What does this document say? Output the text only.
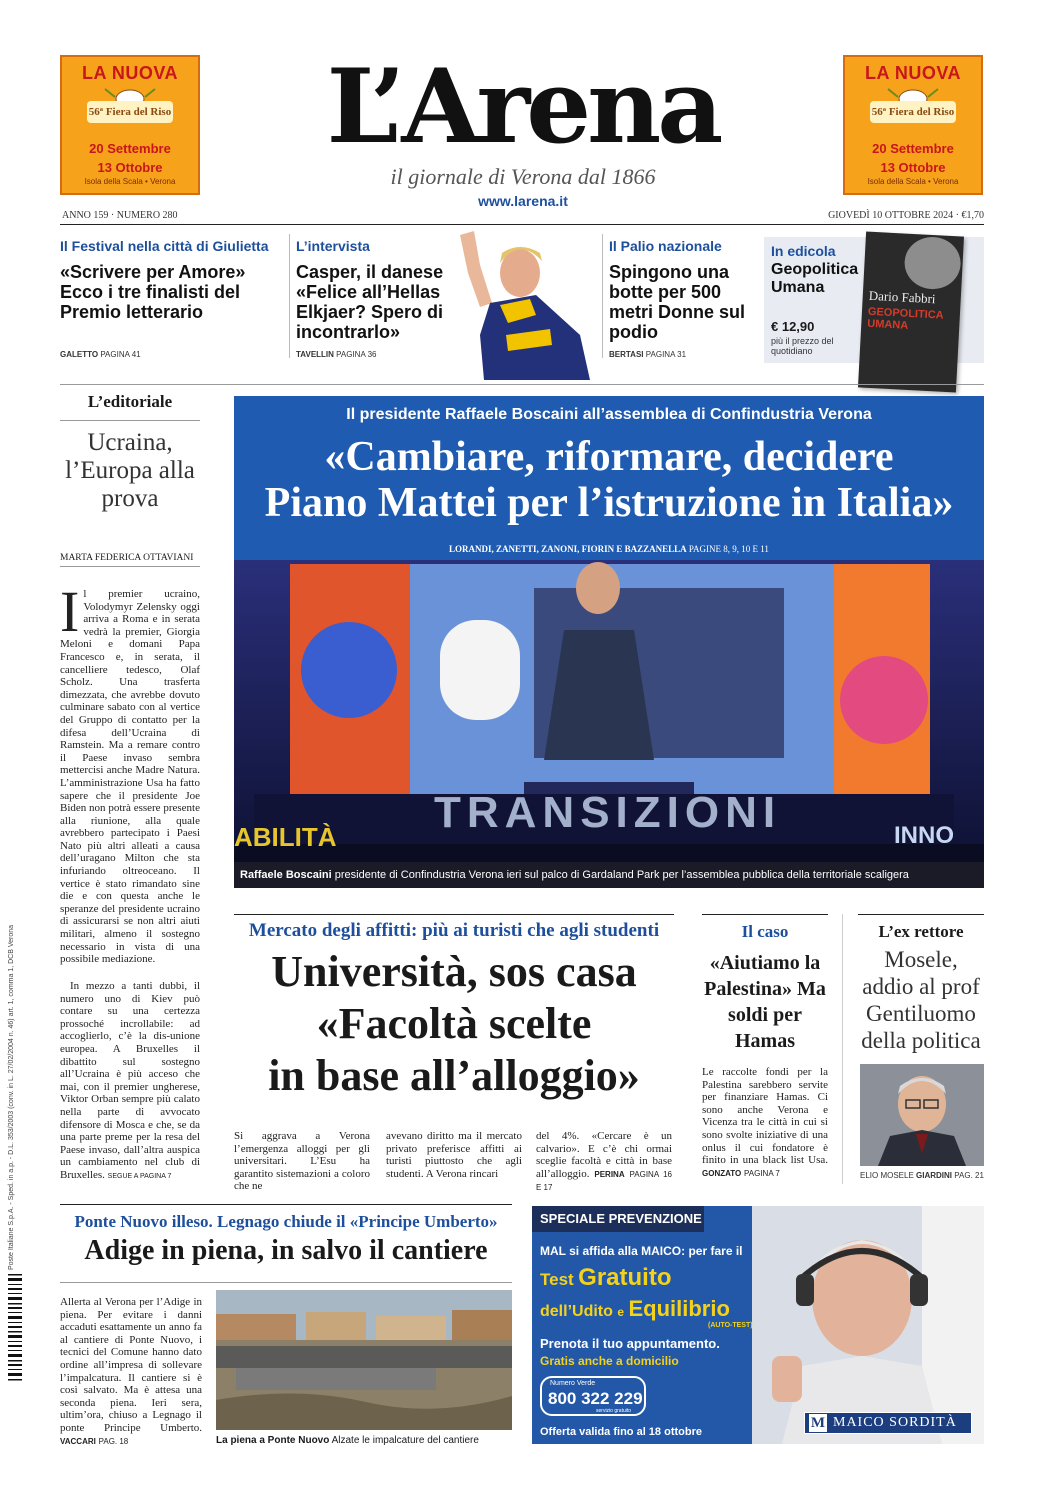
LA NUOVA
56ª Fiera del Riso
20 Settembre
13 Ottobre
Isola della Scala • Verona
LA NUOVA
56ª Fiera del Riso
20 Settembre
13 Ottobre
Isola della Scala • Verona
L’Arena
il giornale di Verona dal 1866
www.larena.it
ANNO 159 · NUMERO 280	GIOVEDÌ 10 OTTOBRE 2024 · €1,70
Il Festival nella città di Giulietta
«Scrivere per Amore» Ecco i tre finalisti del Premio letterario
GALETTO PAGINA 41
L’intervista
Casper, il danese «Felice all’Hellas Elkjaer? Spero di incontrarlo»
TAVELLIN PAGINA 36
Il Palio nazionale
Spingono una botte per 500 metri Donne sul podio
BERTASI PAGINA 31
In edicola
Geopolitica Umana
€ 12,90
più il prezzo del quotidiano
Dario Fabbri
GEOPOLITICA UMANA
L’editoriale
Ucraina, l’Europa alla prova
MARTA FEDERICA OTTAVIANI
Il premier ucraino, Volodymyr Zelensky oggi arriva a Roma e in serata vedrà la premier, Giorgia Meloni e domani Papa Francesco e, in serata, il cancelliere tedesco, Olaf Scholz. Una trasferta dimezzata, che avrebbe dovuto culminare sabato con al vertice del Gruppo di contatto per la difesa dell’Ucraina di Ramstein. Ma a remare contro il Paese invaso sembra mettercisi anche Madre Natura. L’amministrazione Usa ha fatto sapere che il presidente Joe Biden non potrà essere presente alla riunione, alla quale avrebbero partecipato i Paesi Nato più altri alleati a causa dell’uragano Milton che sta infuriando oltreoceano. Il vertice è stato rimandato sine die e con questa anche le speranze del presidente ucraino di assicurarsi se non altri aiuti militari, almeno il sostegno necessario in vista di una possibile mediazione.
In mezzo a tanti dubbi, il numero uno di Kiev può contare su una certezza prossoché incrollabile: ad accoglierlo, c’è la dis-unione europea. A Bruxelles il dibattito sul sostegno all’Ucraina è più acceso che mai, con il premier ungherese, Viktor Orban sempre più calato nella parte di avvocato difensore di Mosca e che, se da una parte preme per la resa del Paese invaso, dall’altra auspica un cambiamento nel club di Bruxelles. SEGUE A PAGINA 7
Poste Italiane S.p.A. - Sped. in a.p. - D.L. 353/2003 (conv. in L. 27/02/2004 n. 46) art. 1, comma 1, DCB Verona
Il presidente Raffaele Boscaini all’assemblea di Confindustria Verona
«Cambiare, riformare, decidere
Piano Mattei per l’istruzione in Italia»
LORANDI, ZANETTI, ZANONI, FIORIN E BAZZANELLA PAGINE 8, 9, 10 E 11
TRANSIZIONI
ABILITÀ	INNO
Raffaele Boscaini presidente di Confindustria Verona ieri sul palco di Gardaland Park per l’assemblea pubblica della territoriale scaligera
Mercato degli affitti: più ai turisti che agli studenti
Università, sos casa
«Facoltà scelte
in base all’alloggio»
Si aggrava a Verona l’emergenza alloggi per gli universitari. L’Esu ha garantito sistemazioni a coloro che ne
avevano diritto ma il mercato privato preferisce affitti ai turisti piuttosto che agli studenti. A Verona rincari
del 4%. «Cercare è un calvario». E c’è chi ormai sceglie facoltà e città in base all’alloggio. PERINA PAGINA 16 E 17
Il caso
«Aiutiamo la Palestina» Ma soldi per Hamas
Le raccolte fondi per la Palestina sarebbero servite per finanziare Hamas. Ci sono anche Verona e Vicenza tra le città in cui si sono svolte iniziative di una onlus il cui fondatore è finito in una black list Usa. GONZATO PAGINA 7
L’ex rettore
Mosele, addio al prof Gentiluomo della politica
ELIO MOSELE GIARDINI PAG. 21
Ponte Nuovo illeso. Legnago chiude il «Principe Umberto»
Adige in piena, in salvo il cantiere
Allerta al Verona per l’Adige in piena. Per evitare i danni accaduti esattamente un anno fa al cantiere di Ponte Nuovo, i tecnici del Comune hanno dato ordine all’impresa di sollevare l’impalcatura. Il cantiere si è così salvato. Ma è attesa una seconda piena. Ieri sera, ultim’ora, chiuso a Legnago il ponte Principe Umberto. VACCARI PAG. 18	La piena a Ponte Nuovo Alzate le impalcature del cantiere
SPECIALE PREVENZIONE
MAL si affida alla MAICO: per fare il
Test Gratuito
dell’Udito e Equilibrio
(AUTO-TEST)
Prenota il tuo appuntamento.
Gratis anche a domicilio
Numero Verde
800 322 229
servizio gratuito
Offerta valida fino al 18 ottobre
M MAICO SORDITÀ
